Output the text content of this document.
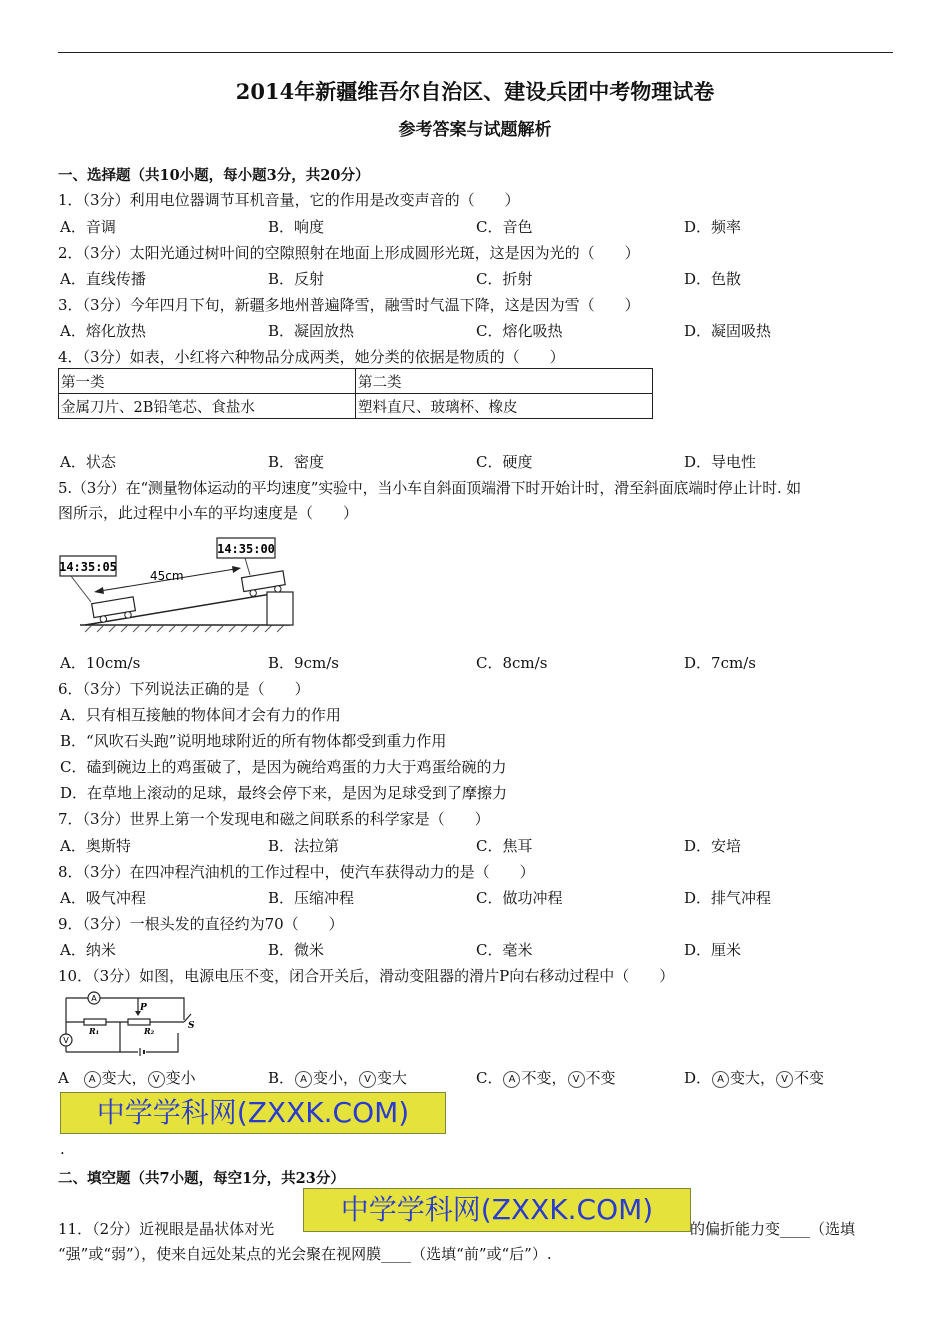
2014年新疆维吾尔自治区、建设兵团中考物理试卷
参考答案与试题解析
一、选择题（共10小题，每小题3分，共20分）
1．（3分）利用电位器调节耳机音量，它的作用是改变声音的（　　）
A．音调	B．响度	C．音色	D．频率
2．（3分）太阳光通过树叶间的空隙照射在地面上形成圆形光斑，这是因为光的（　　）
A．直线传播	B．反射	C．折射	D．色散
3．（3分）今年四月下旬，新疆多地州普遍降雪，融雪时气温下降，这是因为雪（　　）
A．熔化放热	B．凝固放热	C．熔化吸热	D．凝固吸热
4．（3分）如表，小红将六种物品分成两类，她分类的依据是物质的（　　）
第一类	第二类
金属刀片、2B铅笔芯、食盐水	塑料直尺、玻璃杯、橡皮
A．状态	B．密度	C．硬度	D．导电性
5.（3分）在“测量物体运动的平均速度”实验中，当小车自斜面顶端滑下时开始计时，滑至斜面底端时停止计时. 如
图所示，此过程中小车的平均速度是（　　）
14:35:05
14:35:00
45cm
A．10cm/s	B．9cm/s	C．8cm/s	D．7cm/s
6．（3分）下列说法正确的是（　　）
A．只有相互接触的物体间才会有力的作用
B．“风吹石头跑”说明地球附近的所有物体都受到重力作用
C．磕到碗边上的鸡蛋破了，是因为碗给鸡蛋的力大于鸡蛋给碗的力
D．在草地上滚动的足球，最终会停下来，是因为足球受到了摩擦力
7．（3分）世界上第一个发现电和磁之间联系的科学家是（　　）
A．奥斯特	B．法拉第	C．焦耳	D．安培
8．（3分）在四冲程汽油机的工作过程中，使汽车获得动力的是（　　）
A．吸气冲程	B．压缩冲程	C．做功冲程	D．排气冲程
9．（3分）一根头发的直径约为70（　　）
A．纳米	B．微米	C．毫米	D．厘米
10．（3分）如图，电源电压不变，闭合开关后，滑动变阻器的滑片P向右移动过程中（　　）
A
V
R₁
P
R₂	S
A A 变大， V 变小	B． A 变小， V 变大	C． A 不变， V 不变	D． A 变大， V 不变
中学学科网(ZXXK.COM)
.
二、填空题（共7小题，每空1分，共23分）
11．（2分）近视眼是晶状体对光
中学学科网(ZXXK.COM)
的偏折能力变____（选填
“强”或“弱”），使来自远处某点的光会聚在视网膜____（选填“前”或“后”）.
